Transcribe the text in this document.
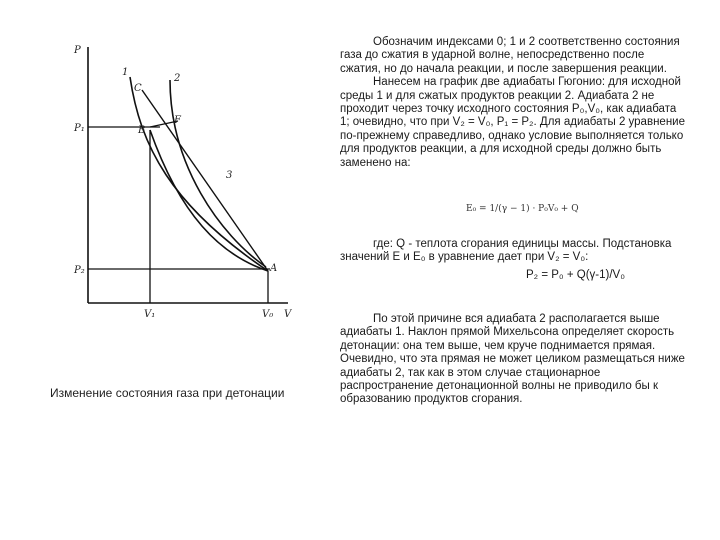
P
V
P₁
P₂
V₁	V₀
A
B
C
F
1
2
3
Изменение состояния газа при детонации

Обозначим индексами 0; 1 и 2 соответственно состояния газа до сжатия в ударной волне, непосредственно после сжатия, но до начала реакции, и после завершения реакции.

Нанесем на график две адиабаты Гюгонио: для исходной среды 1 и для сжатых продуктов реакции 2. Адиабата 2 не проходит через точку исходного состояния P₀,V₀, как адиабата 1; очевидно, что при V₂ = V₀, P₁ = P₂. Для адиабаты 2 уравнение по-прежнему справедливо, однако условие выполняется только для продуктов реакции, а для исходной среды должно быть заменено на:

E₀ = 1/(γ − 1) · P₀V₀ + Q

где: Q - теплота сгорания единицы массы. Подстановка значений E и E₀ в уравнение дает при V₂ = V₀:

P₂ = P₀ + Q(γ-1)/V₀

По этой причине вся адиабата 2 располагается выше адиабаты 1. Наклон прямой Михельсона определяет скорость детонации: она тем выше, чем круче поднимается прямая. Очевидно, что эта прямая не может целиком размещаться ниже адиабаты 2, так как в этом случае стационарное распространение детонационной волны не приводило бы к образованию продуктов сгорания.
